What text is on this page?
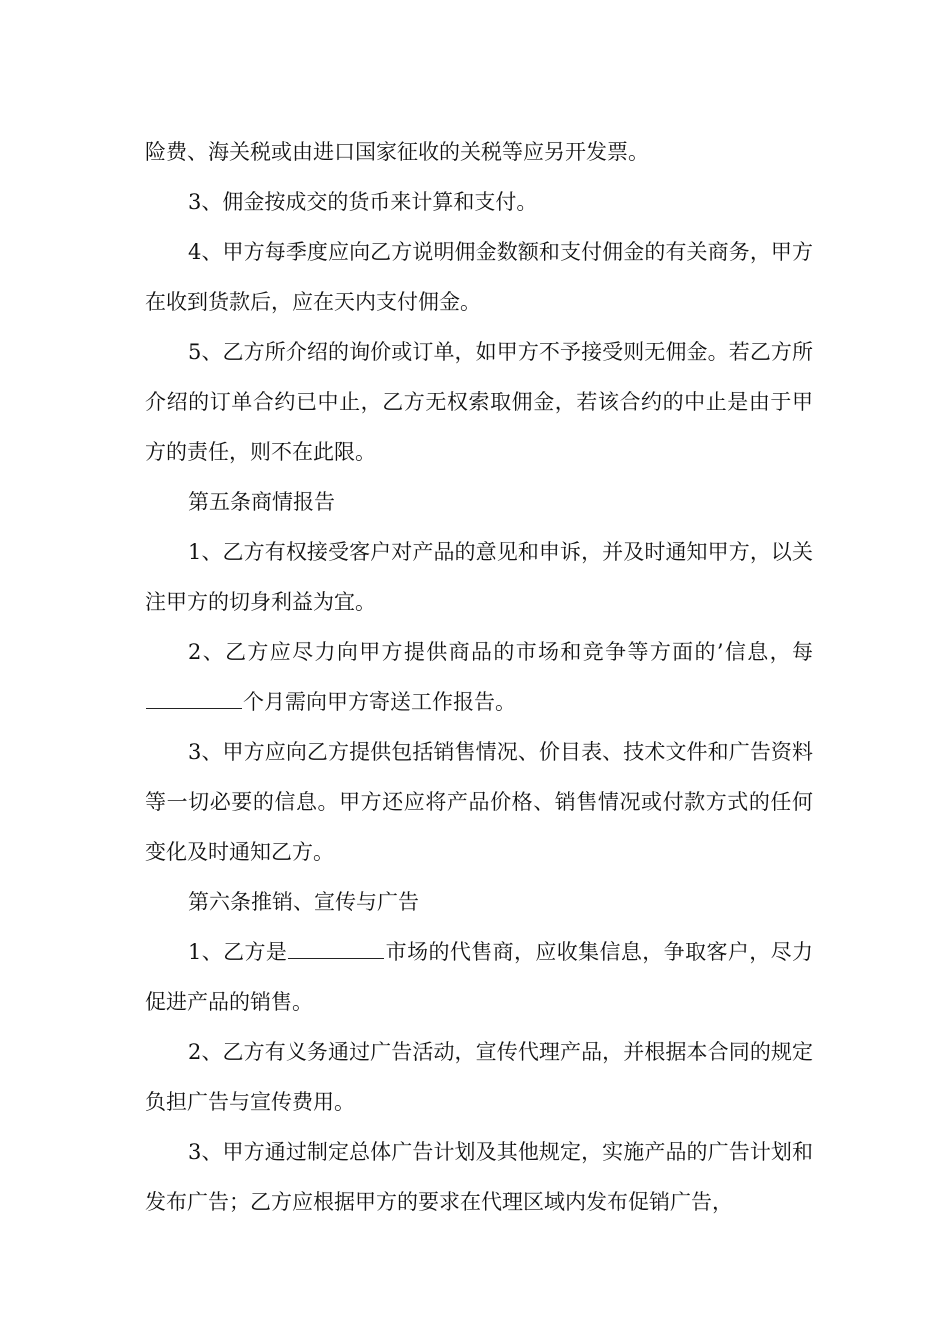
险费、海关税或由进口国家征收的关税等应另开发票。

3、佣金按成交的货币来计算和支付。

4、甲方每季度应向乙方说明佣金数额和支付佣金的有关商务，甲方在收到货款后，应在天内支付佣金。

5、乙方所介绍的询价或订单，如甲方不予接受则无佣金。若乙方所介绍的订单合约已中止，乙方无权索取佣金，若该合约的中止是由于甲方的责任，则不在此限。

第五条商情报告

1、乙方有权接受客户对产品的意见和申诉，并及时通知甲方，以关注甲方的切身利益为宜。

2、乙方应尽力向甲方提供商品的市场和竞争等方面的’信息，每个月需向甲方寄送工作报告。

3、甲方应向乙方提供包括销售情况、价目表、技术文件和广告资料等一切必要的信息。甲方还应将产品价格、销售情况或付款方式的任何变化及时通知乙方。

第六条推销、宣传与广告

1、乙方是	市场的代售商，应收集信息，争取客户，尽力促进产品的销售。

2、乙方有义务通过广告活动，宣传代理产品，并根据本合同的规定负担广告与宣传费用。

3、甲方通过制定总体广告计划及其他规定，实施产品的广告计划和发布广告；乙方应根据甲方的要求在代理区域内发布促销广告，
